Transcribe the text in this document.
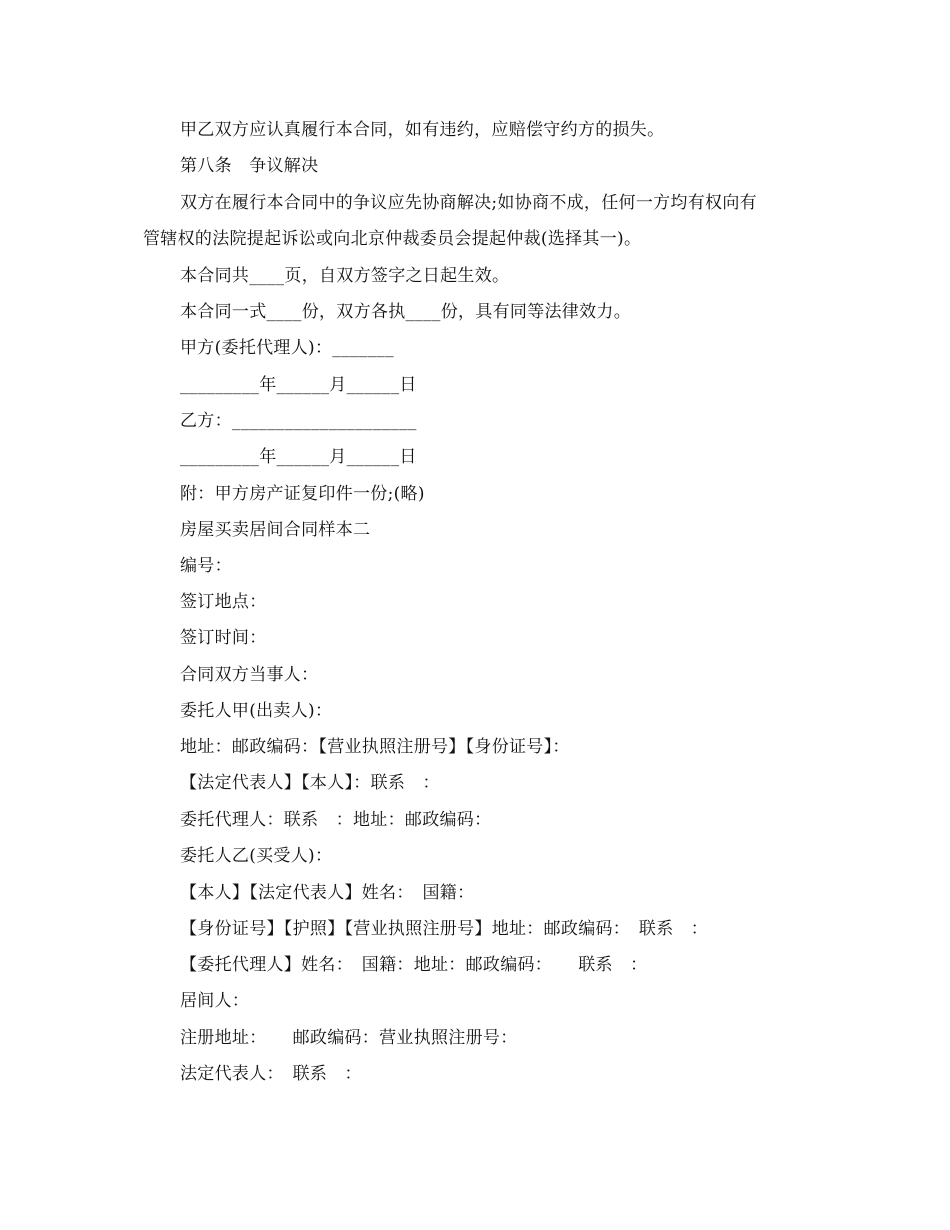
甲乙双方应认真履行本合同，如有违约，应赔偿守约方的损失。
第八条　争议解决
双方在履行本合同中的争议应先协商解决;如协商不成，任何一方均有权向有
管辖权的法院提起诉讼或向北京仲裁委员会提起仲裁(选择其一)。
本合同共____页，自双方签字之日起生效。
本合同一式____份，双方各执____份，具有同等法律效力。
甲方(委托代理人)：_______
_________年______月______日
乙方：_____________________
_________年______月______日
附：甲方房产证复印件一份;(略)
房屋买卖居间合同样本二
编号：
签订地点：
签订时间：
合同双方当事人：
委托人甲(出卖人)：
地址：邮政编码：【营业执照注册号】【身份证号】：
【法定代表人】【本人】：联系　：
委托代理人：联系　：地址：邮政编码：
委托人乙(买受人)：
【本人】【法定代表人】姓名：　国籍：
【身份证号】【护照】【营业执照注册号】地址：邮政编码：　联系　：
【委托代理人】姓名：　国籍：地址：邮政编码：　　联系　：
居间人：
注册地址：　　邮政编码：营业执照注册号：
法定代表人：　联系　：
